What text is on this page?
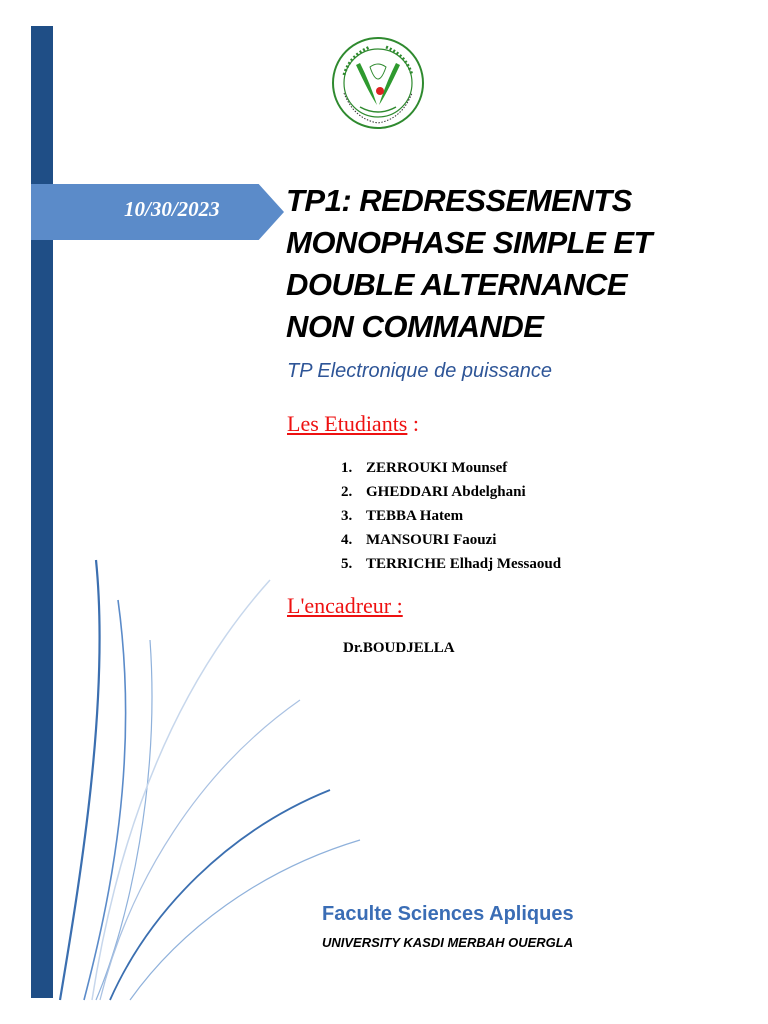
10/30/2023 TP1: REDRESSEMENTS
MONOPHASE SIMPLE ET
DOUBLE ALTERNANCE
NON COMMANDE
TP Electronique de puissance
Les Etudiants :
1. ZERROUKI Mounsef
2. GHEDDARI Abdelghani
3. TEBBA Hatem
4. MANSOURI Faouzi
5. TERRICHE Elhadj Messaoud
L'encadreur :
Dr.BOUDJELLA
Faculte Sciences Apliques
UNIVERSITY KASDI MERBAH OUERGLA
